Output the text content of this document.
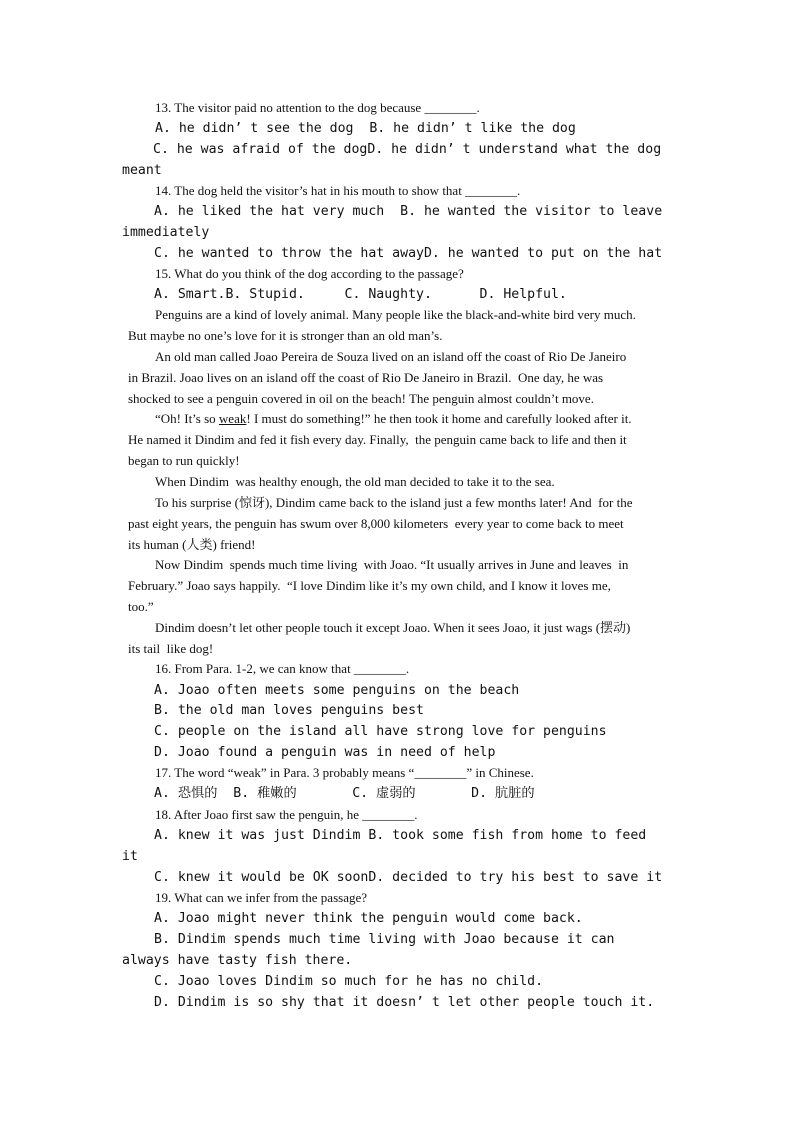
13. The visitor paid no attention to the dog because ________.
A. he didn’ t see the dog  B. he didn’ t like the dog
C. he was afraid of the dogD. he didn’ t understand what the dog
meant
14. The dog held the visitor’s hat in his mouth to show that ________.
A. he liked the hat very much  B. he wanted the visitor to leave
immediately
C. he wanted to throw the hat awayD. he wanted to put on the hat
15. What do you think of the dog according to the passage?
A. Smart.B. Stupid.     C. Naughty.      D. Helpful.
Penguins are a kind of lovely animal. Many people like the black-and-white bird very much.
But maybe no one’s love for it is stronger than an old man’s.
An old man called Joao Pereira de Souza lived on an island off the coast of Rio De Janeiro
in Brazil. Joao lives on an island off the coast of Rio De Janeiro in Brazil.  One day, he was
shocked to see a penguin covered in oil on the beach! The penguin almost couldn’t move.
“Oh! It’s so weak! I must do something!” he then took it home and carefully looked after it.
He named it Dindim and fed it fish every day. Finally,  the penguin came back to life and then it
began to run quickly!
When Dindim  was healthy enough, the old man decided to take it to the sea.
To his surprise (惊讶), Dindim came back to the island just a few months later! And  for the
past eight years, the penguin has swum over 8,000 kilometers  every year to come back to meet
its human (人类) friend!
Now Dindim  spends much time living  with Joao. “It usually arrives in June and leaves  in
February.” Joao says happily.  “I love Dindim like it’s my own child, and I know it loves me,
too.”
Dindim doesn’t let other people touch it except Joao. When it sees Joao, it just wags (摆动)
its tail  like dog!
16. From Para. 1-2, we can know that ________.
A. Joao often meets some penguins on the beach
B. the old man loves penguins best
C. people on the island all have strong love for penguins
D. Joao found a penguin was in need of help
17. The word “weak” in Para. 3 probably means “________” in Chinese.
A. 恐惧的  B. 稚嫩的       C. 虚弱的       D. 肮脏的
18. After Joao first saw the penguin, he ________.
A. knew it was just Dindim B. took some fish from home to feed
it
C. knew it would be OK soonD. decided to try his best to save it
19. What can we infer from the passage?
A. Joao might never think the penguin would come back.
B. Dindim spends much time living with Joao because it can
always have tasty fish there.
C. Joao loves Dindim so much for he has no child.
D. Dindim is so shy that it doesn’ t let other people touch it.
